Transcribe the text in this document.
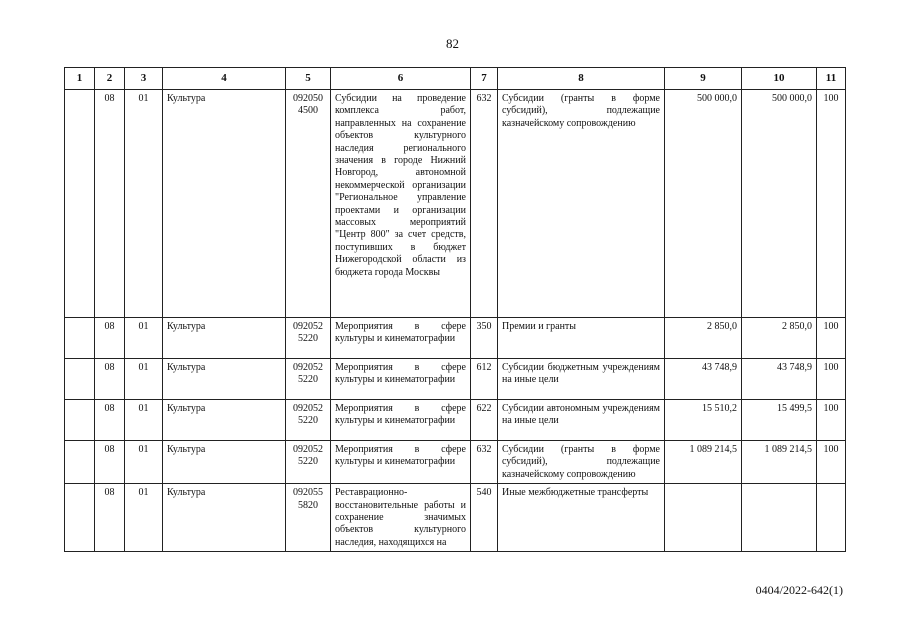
82
1	2	3	4	5	6	7	8	9	10	11
	08	01	Культура	092050 4500	Субсидии на проведение комплекса работ, направленных на сохранение объектов культурного наследия регионального значения в городе Нижний Новгород, автономной некоммерческой организации "Региональное управление проектами и организации массовых мероприятий "Центр 800" за счет средств, поступивших в бюджет Нижегородской области из бюджета города Москвы	632	Субсидии (гранты в форме субсидий), подлежащие казначейскому сопровождению	500 000,0	500 000,0	100
	08	01	Культура	092052 5220	Мероприятия в сфере культуры и кинематографии	350	Премии и гранты	2 850,0	2 850,0	100
	08	01	Культура	092052 5220	Мероприятия в сфере культуры и кинематографии	612	Субсидии бюджетным учреждениям на иные цели	43 748,9	43 748,9	100
	08	01	Культура	092052 5220	Мероприятия в сфере культуры и кинематографии	622	Субсидии автономным учреждениям на иные цели	15 510,2	15 499,5	100
	08	01	Культура	092052 5220	Мероприятия в сфере культуры и кинематографии	632	Субсидии (гранты в форме субсидий), подлежащие казначейскому сопровождению	1 089 214,5	1 089 214,5	100
	08	01	Культура	092055 5820	Реставрационно-восстановительные работы и сохранение значимых объектов культурного наследия, находящихся на	540	Иные межбюджетные трансферты			
0404/2022-642(1)
